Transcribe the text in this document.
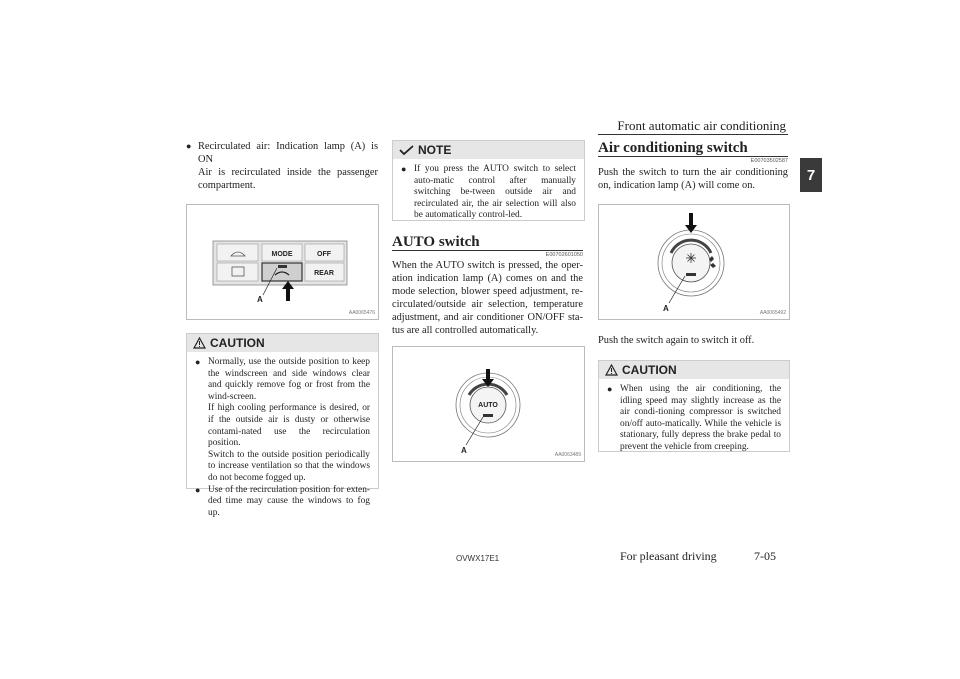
Front automatic air conditioning
7
● Recirculated air: Indication lamp (A) is ON
Air is recirculated inside the passenger compartment.
MODE	OFF
REAR
A
AA0065476
CAUTION
● Normally, use the outside position to keep the windscreen and side windows clear and quickly remove fog or frost from the wind-screen.
If high cooling performance is desired, or if the outside air is dusty or otherwise contami-nated use the recirculation position.
Switch to the outside position periodically to increase ventilation so that the windows do not become fogged up.
● Use of the recirculation position for exten-ded time may cause the windows to fog up.
NOTE
● If you press the AUTO switch to select auto-matic control after manually switching be-tween outside air and recirculated air, the air selection will also be automatically control-led.
AUTO switch
E00702601050
When the AUTO switch is pressed, the oper-ation indication lamp (A) comes on and the mode selection, blower speed adjustment, re-circulated/outside air selection, temperature adjustment, and air conditioner ON/OFF sta-tus are all controlled automatically.
AUTO
A	AA0063489
Air conditioning switch
E00703502587
Push the switch to turn the air conditioning on, indication lamp (A) will come on.
A	AA0065492
Push the switch again to switch it off.
CAUTION
● When using the air conditioning, the idling speed may slightly increase as the air condi-tioning compressor is switched on/off auto-matically. While the vehicle is stationary, fully depress the brake pedal to prevent the vehicle from creeping.
OVWX17E1	For pleasant driving	7-05
